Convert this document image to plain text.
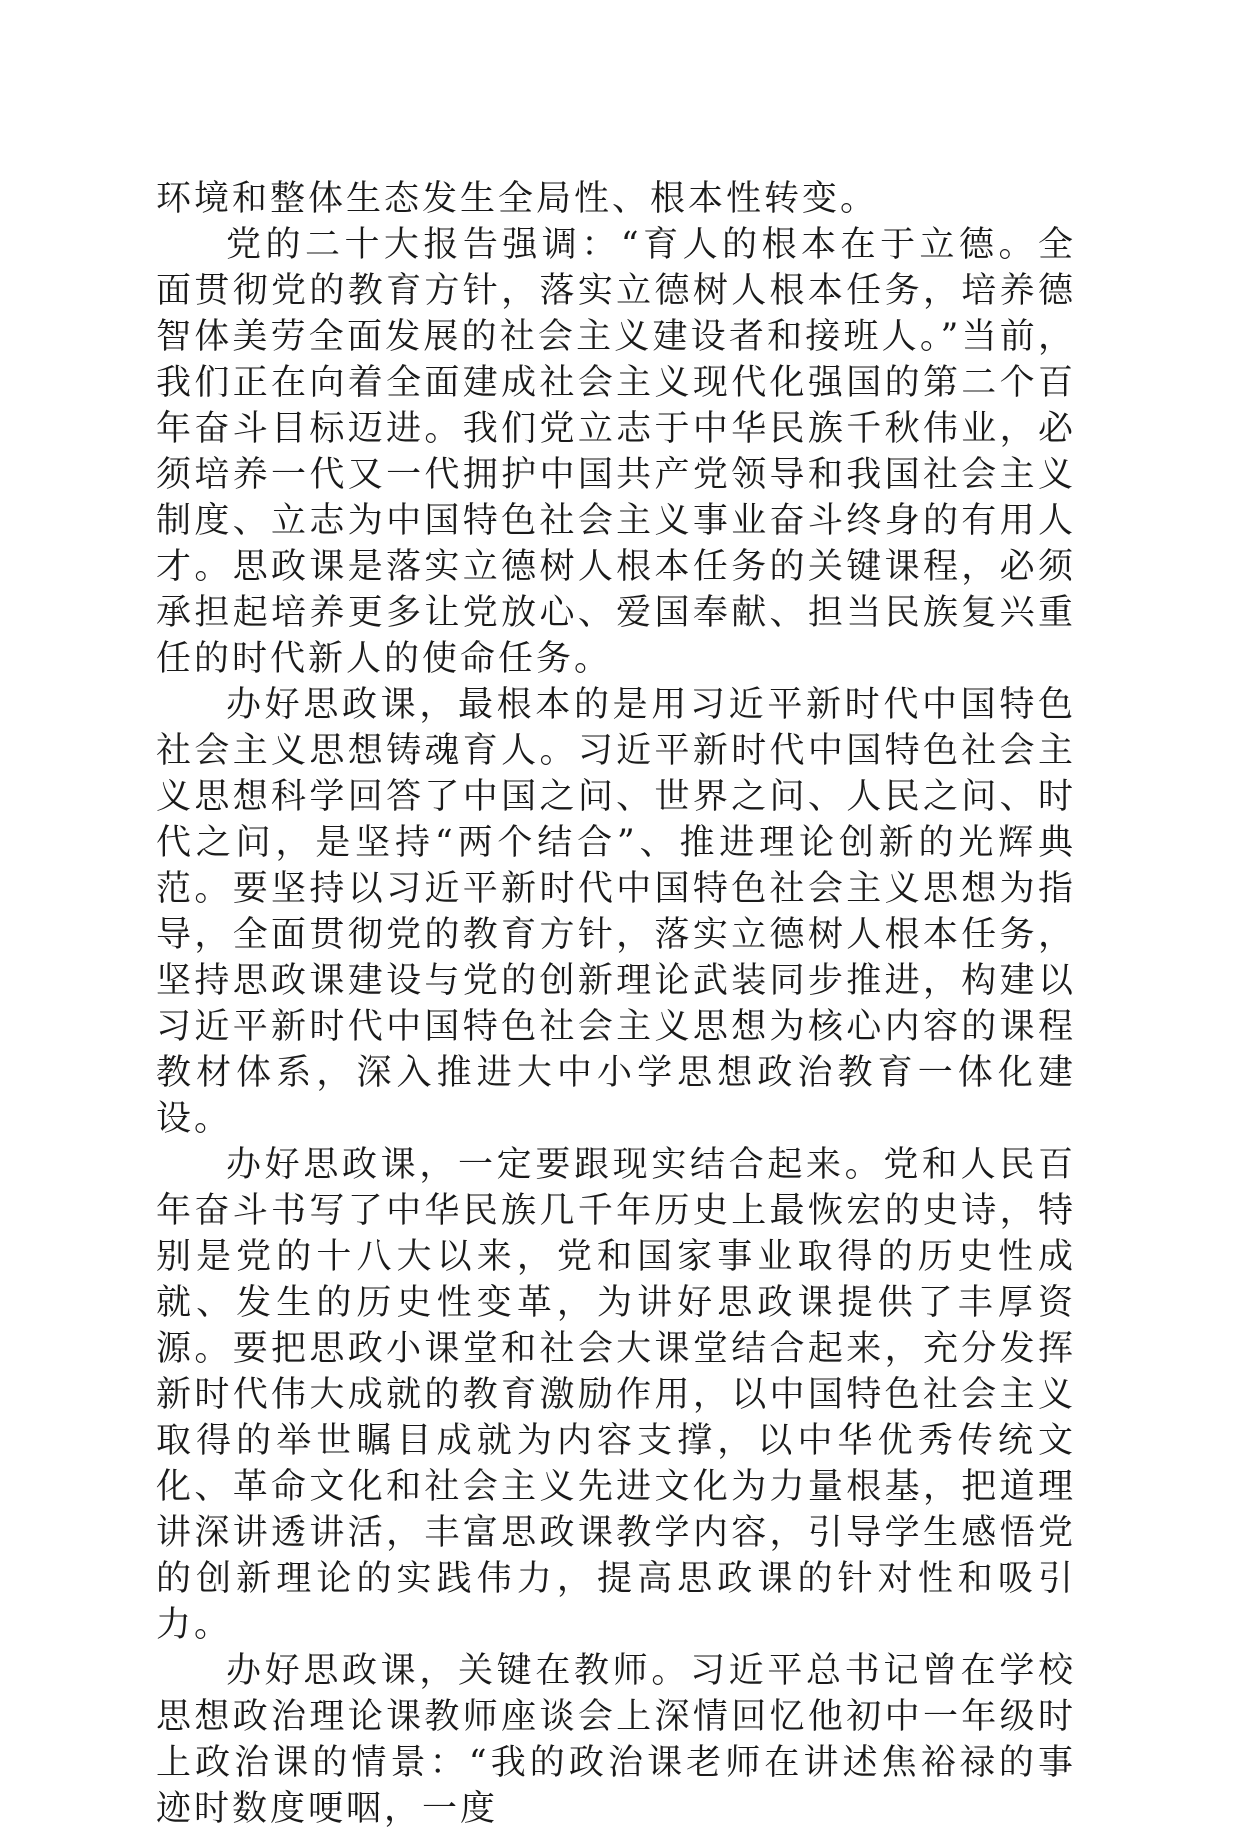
环境和整体生态发生全局性、根本性转变。

党的二十大报告强调：“育人的根本在于立德。全面贯彻党的教育方针，落实立德树人根本任务，培养德智体美劳全面发展的社会主义建设者和接班人。”当前，我们正在向着全面建成社会主义现代化强国的第二个百年奋斗目标迈进。我们党立志于中华民族千秋伟业，必须培养一代又一代拥护中国共产党领导和我国社会主义制度、立志为中国特色社会主义事业奋斗终身的有用人才。思政课是落实立德树人根本任务的关键课程，必须承担起培养更多让党放心、爱国奉献、担当民族复兴重任的时代新人的使命任务。

办好思政课，最根本的是用习近平新时代中国特色社会主义思想铸魂育人。习近平新时代中国特色社会主义思想科学回答了中国之问、世界之问、人民之问、时代之问，是坚持“两个结合”、推进理论创新的光辉典范。要坚持以习近平新时代中国特色社会主义思想为指导，全面贯彻党的教育方针，落实立德树人根本任务，坚持思政课建设与党的创新理论武装同步推进，构建以习近平新时代中国特色社会主义思想为核心内容的课程教材体系，深入推进大中小学思想政治教育一体化建设。

办好思政课，一定要跟现实结合起来。党和人民百年奋斗书写了中华民族几千年历史上最恢宏的史诗，特别是党的十八大以来，党和国家事业取得的历史性成就、发生的历史性变革，为讲好思政课提供了丰厚资源。要把思政小课堂和社会大课堂结合起来，充分发挥新时代伟大成就的教育激励作用，以中国特色社会主义取得的举世瞩目成就为内容支撑，以中华优秀传统文化、革命文化和社会主义先进文化为力量根基，把道理讲深讲透讲活，丰富思政课教学内容，引导学生感悟党的创新理论的实践伟力，提高思政课的针对性和吸引力。

办好思政课，关键在教师。习近平总书记曾在学校思想政治理论课教师座谈会上深情回忆他初中一年级时上政治课的情景：“我的政治课老师在讲述焦裕禄的事迹时数度哽咽，一度
